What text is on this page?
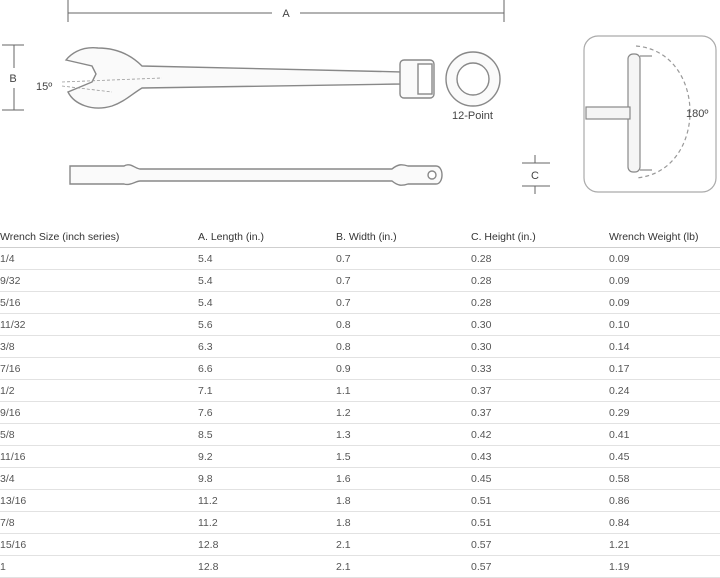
A
B
15º
12-Point
C
180º
Wrench Size (inch series)	A. Length (in.)	B. Width (in.)	C. Height (in.)	Wrench Weight (lb)
1/4	5.4	0.7	0.28	0.09
9/32	5.4	0.7	0.28	0.09
5/16	5.4	0.7	0.28	0.09
11/32	5.6	0.8	0.30	0.10
3/8	6.3	0.8	0.30	0.14
7/16	6.6	0.9	0.33	0.17
1/2	7.1	1.1	0.37	0.24
9/16	7.6	1.2	0.37	0.29
5/8	8.5	1.3	0.42	0.41
11/16	9.2	1.5	0.43	0.45
3/4	9.8	1.6	0.45	0.58
13/16	11.2	1.8	0.51	0.86
7/8	11.2	1.8	0.51	0.84
15/16	12.8	2.1	0.57	1.21
1	12.8	2.1	0.57	1.19
